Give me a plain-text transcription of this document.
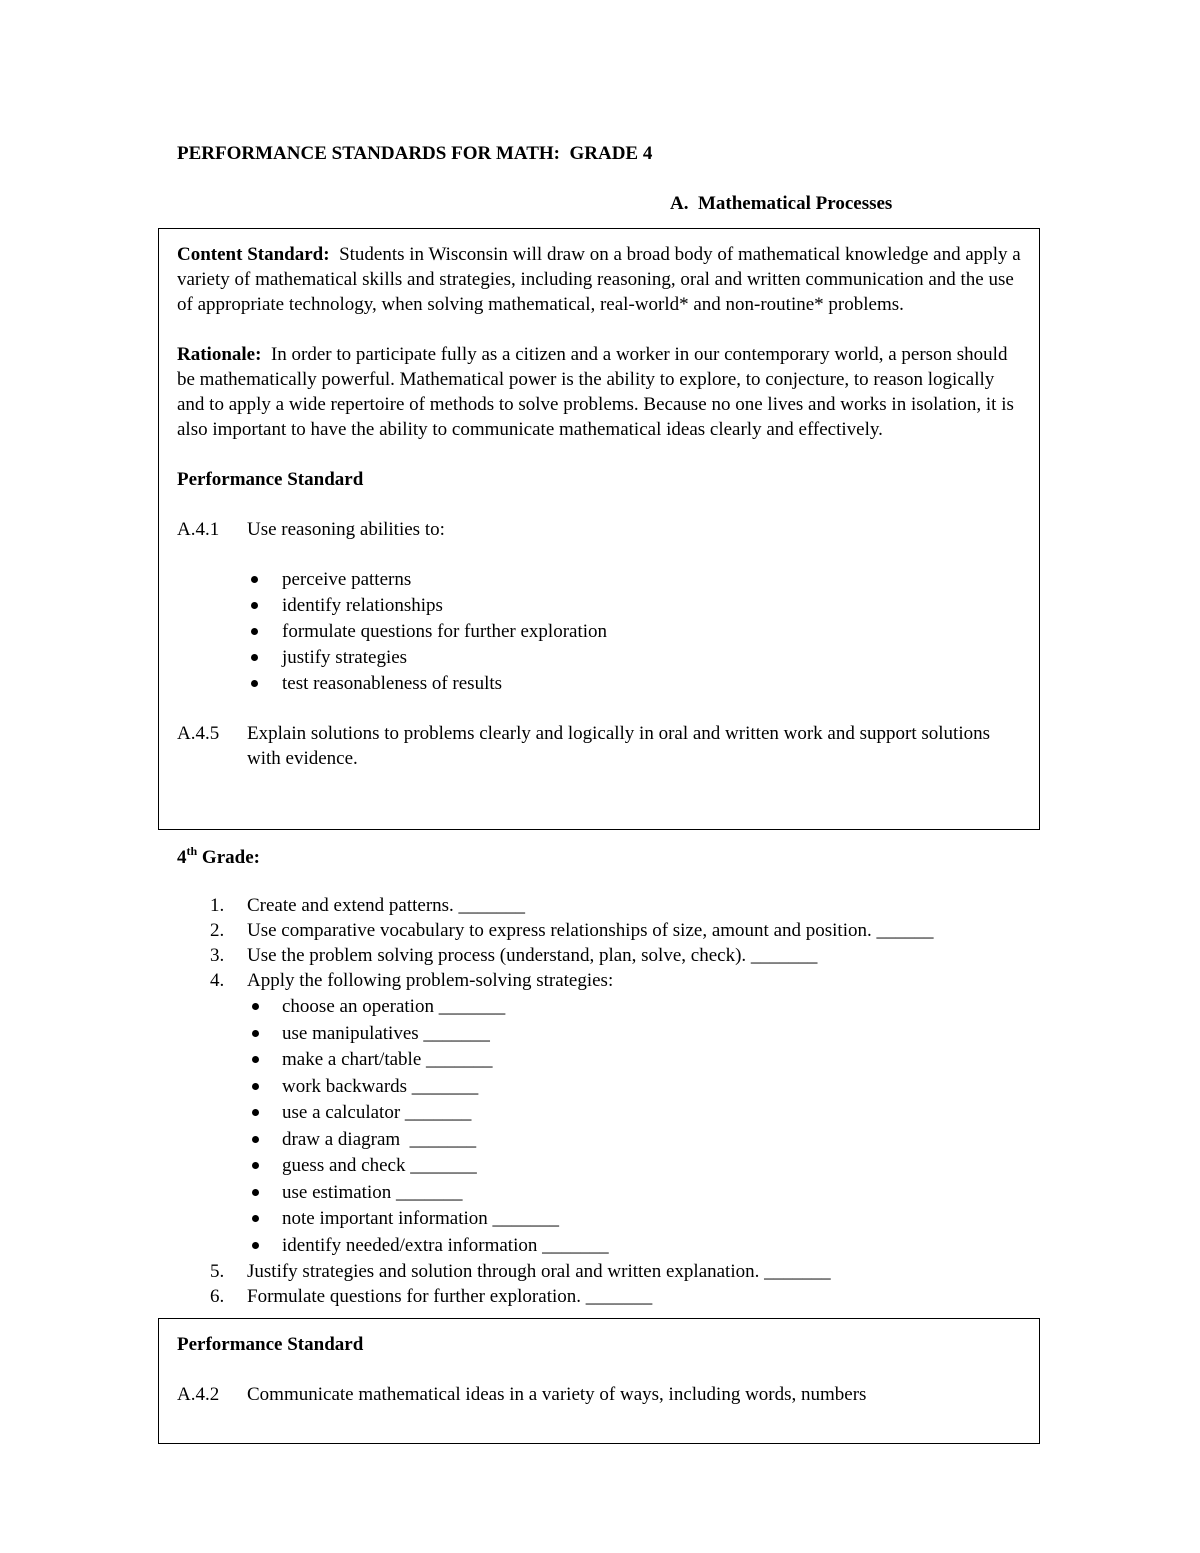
PERFORMANCE STANDARDS FOR MATH:  GRADE 4
A.  Mathematical Processes

Content Standard: Students in Wisconsin will draw on a broad body of mathematical knowledge and apply a variety of mathematical skills and strategies, including reasoning, oral and written communication and the use of appropriate technology, when solving mathematical, real-world* and non-routine* problems.

Rationale: In order to participate fully as a citizen and a worker in our contemporary world, a person should be mathematically powerful. Mathematical power is the ability to explore, to conjecture, to reason logically and to apply a wide repertoire of methods to solve problems. Because no one lives and works in isolation, it is also important to have the ability to communicate mathematical ideas clearly and effectively.

Performance Standard

A.4.1	Use reasoning abilities to:
perceive patterns
identify relationships
formulate questions for further exploration
justify strategies
test reasonableness of results
A.4.5	Explain solutions to problems clearly and logically in oral and written work and support solutions with evidence.
4th Grade:
1.	Create and extend patterns. _______
2.	Use comparative vocabulary to express relationships of size, amount and position. ______
3.	Use the problem solving process (understand, plan, solve, check). _______
4.	Apply the following problem-solving strategies:
choose an operation _______
use manipulatives _______
make a chart/table _______
work backwards _______
use a calculator _______
draw a diagram  _______
guess and check _______
use estimation _______
note important information _______
identify needed/extra information _______
5.	Justify strategies and solution through oral and written explanation. _______
6.	Formulate questions for further exploration. _______

Performance Standard

A.4.2	Communicate mathematical ideas in a variety of ways, including words, numbers
